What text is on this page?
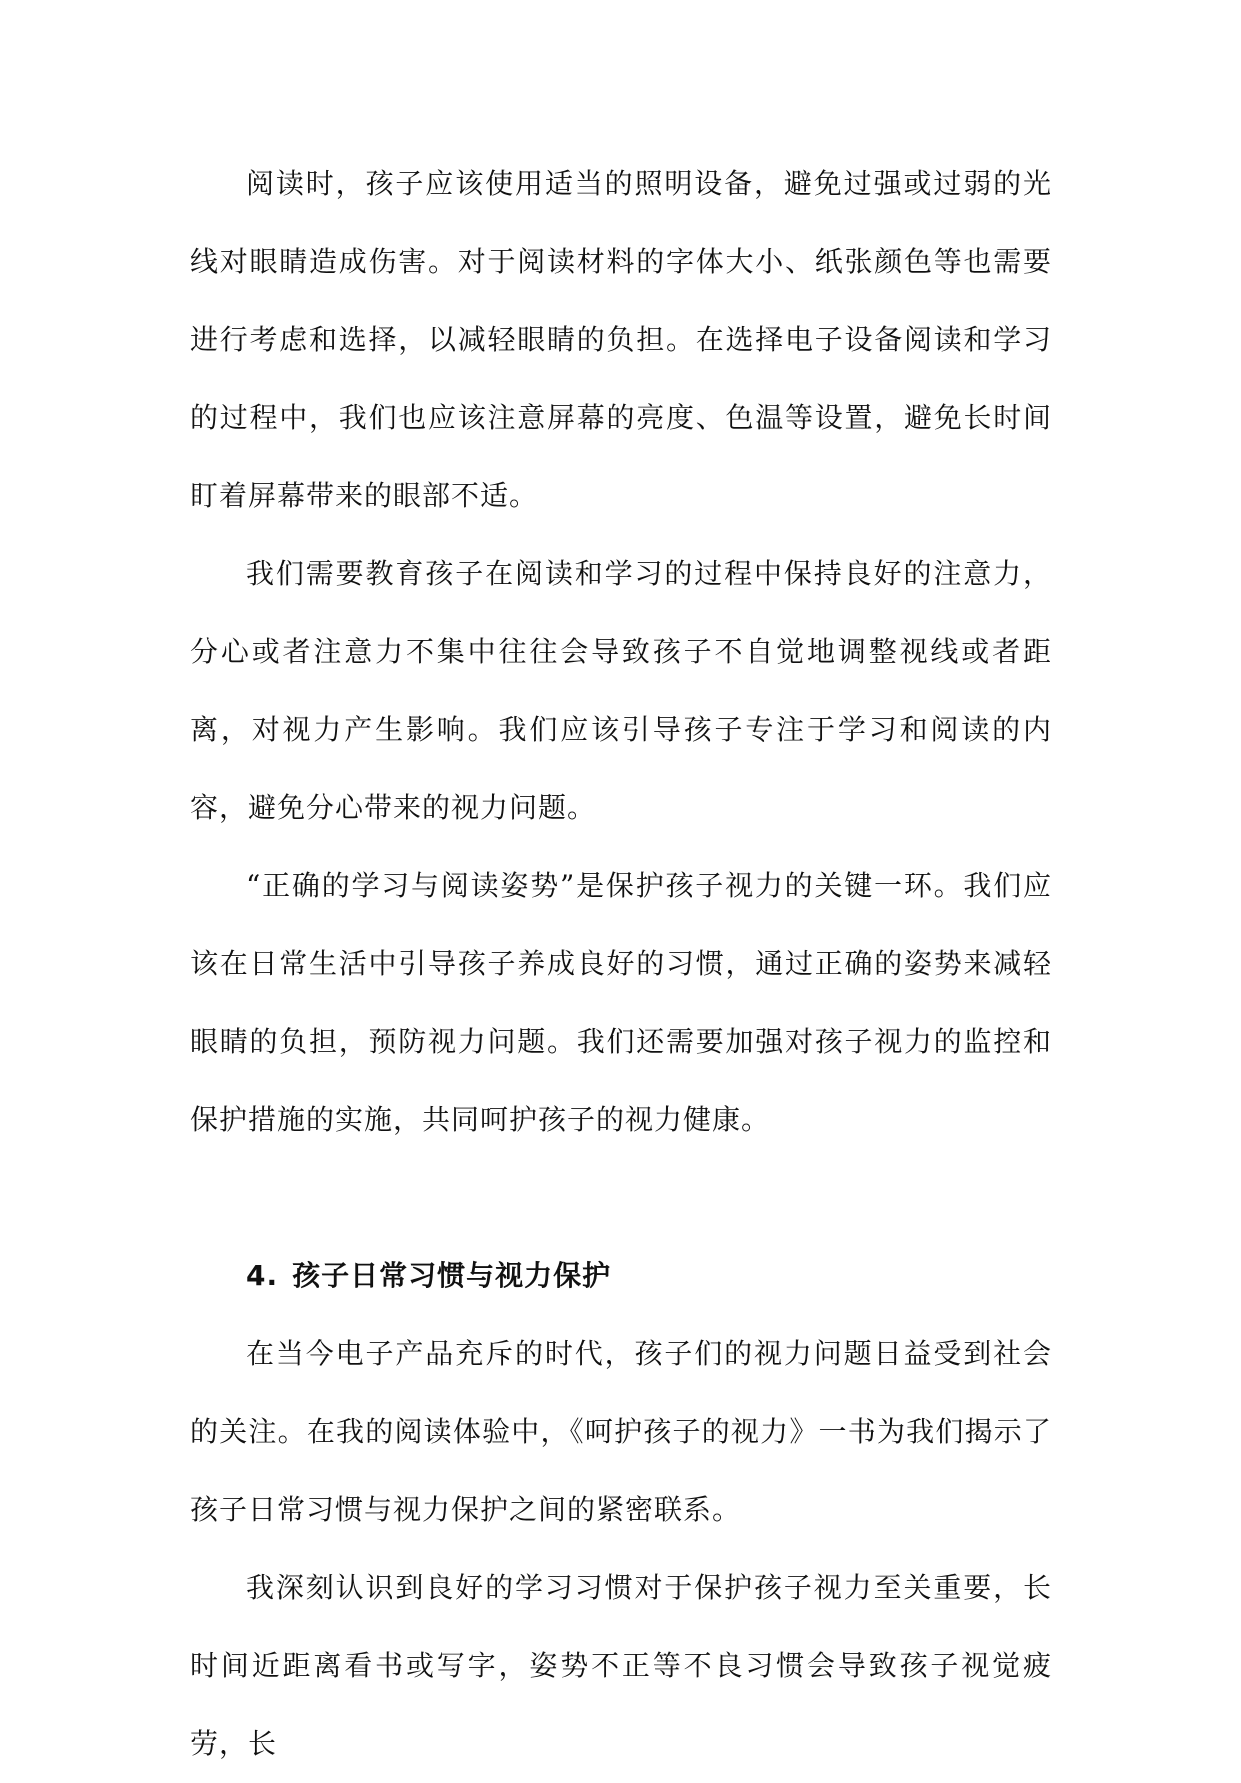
阅读时，孩子应该使用适当的照明设备，避免过强或过弱的光线对眼睛造成伤害。对于阅读材料的字体大小、纸张颜色等也需要进行考虑和选择，以减轻眼睛的负担。在选择电子设备阅读和学习的过程中，我们也应该注意屏幕的亮度、色温等设置，避免长时间盯着屏幕带来的眼部不适。

我们需要教育孩子在阅读和学习的过程中保持良好的注意力，分心或者注意力不集中往往会导致孩子不自觉地调整视线或者距离，对视力产生影响。我们应该引导孩子专注于学习和阅读的内容，避免分心带来的视力问题。

“正确的学习与阅读姿势”是保护孩子视力的关键一环。我们应该在日常生活中引导孩子养成良好的习惯，通过正确的姿势来减轻眼睛的负担，预防视力问题。我们还需要加强对孩子视力的监控和保护措施的实施，共同呵护孩子的视力健康。

4. 孩子日常习惯与视力保护

在当今电子产品充斥的时代，孩子们的视力问题日益受到社会的关注。在我的阅读体验中，《呵护孩子的视力》一书为我们揭示了孩子日常习惯与视力保护之间的紧密联系。

我深刻认识到良好的学习习惯对于保护孩子视力至关重要，长时间近距离看书或写字，姿势不正等不良习惯会导致孩子视觉疲劳，长
